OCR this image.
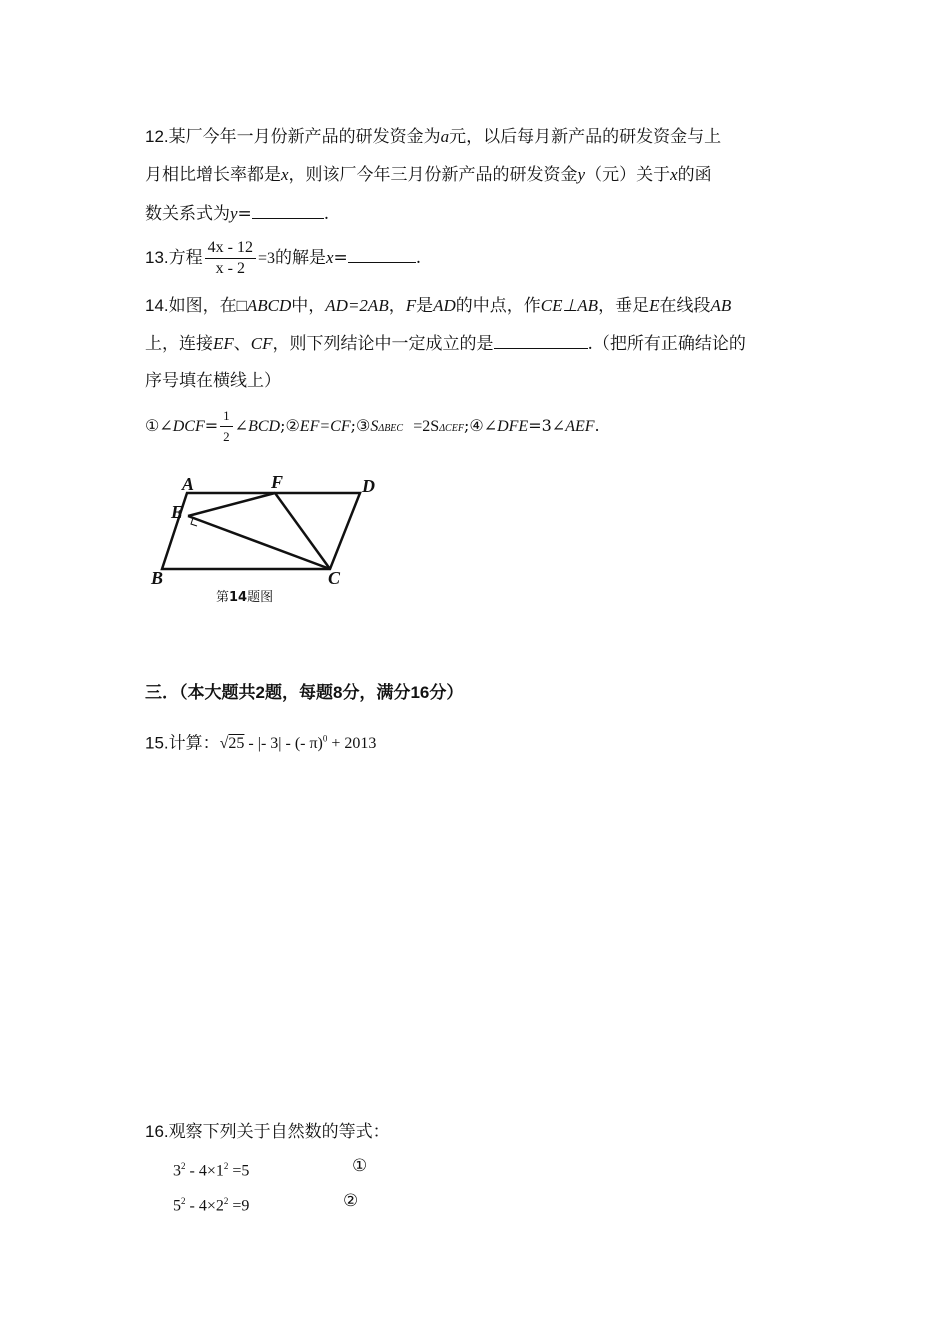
12.某厂今年一月份新产品的研发资金为a元，以后每月新产品的研发资金与上
月相比增长率都是x，则该厂今年三月份新产品的研发资金y（元）关于x的函
数关系式为y=	.
13.方程 $\frac{4x - 12}{x - 2} =3$的解是x=	.
14.如图，在□ABCD中，AD=2AB，F是AD的中点，作CE⊥AB，垂足E在线段AB
上，连接EF、CF，则下列结论中一定成立的是	.（把所有正确结论的
序号填在横线上）
①∠DCF= $\frac{1}{2}$ ∠BCD;②EF=CF;③SΔBEC =2SΔCEF;④∠DFE=3∠AEF.
A	F	D
E
B	C
第14题图
三．（本大题共2题，每题8分，满分16分）
15.计算：√25 - |- 3| - (- π)$^0$ + 2013
16.观察下列关于自然数的等式：
$3^2 - 4\times 1^2 =5$	①
$5^2 - 4\times 2^2 =9$	②
